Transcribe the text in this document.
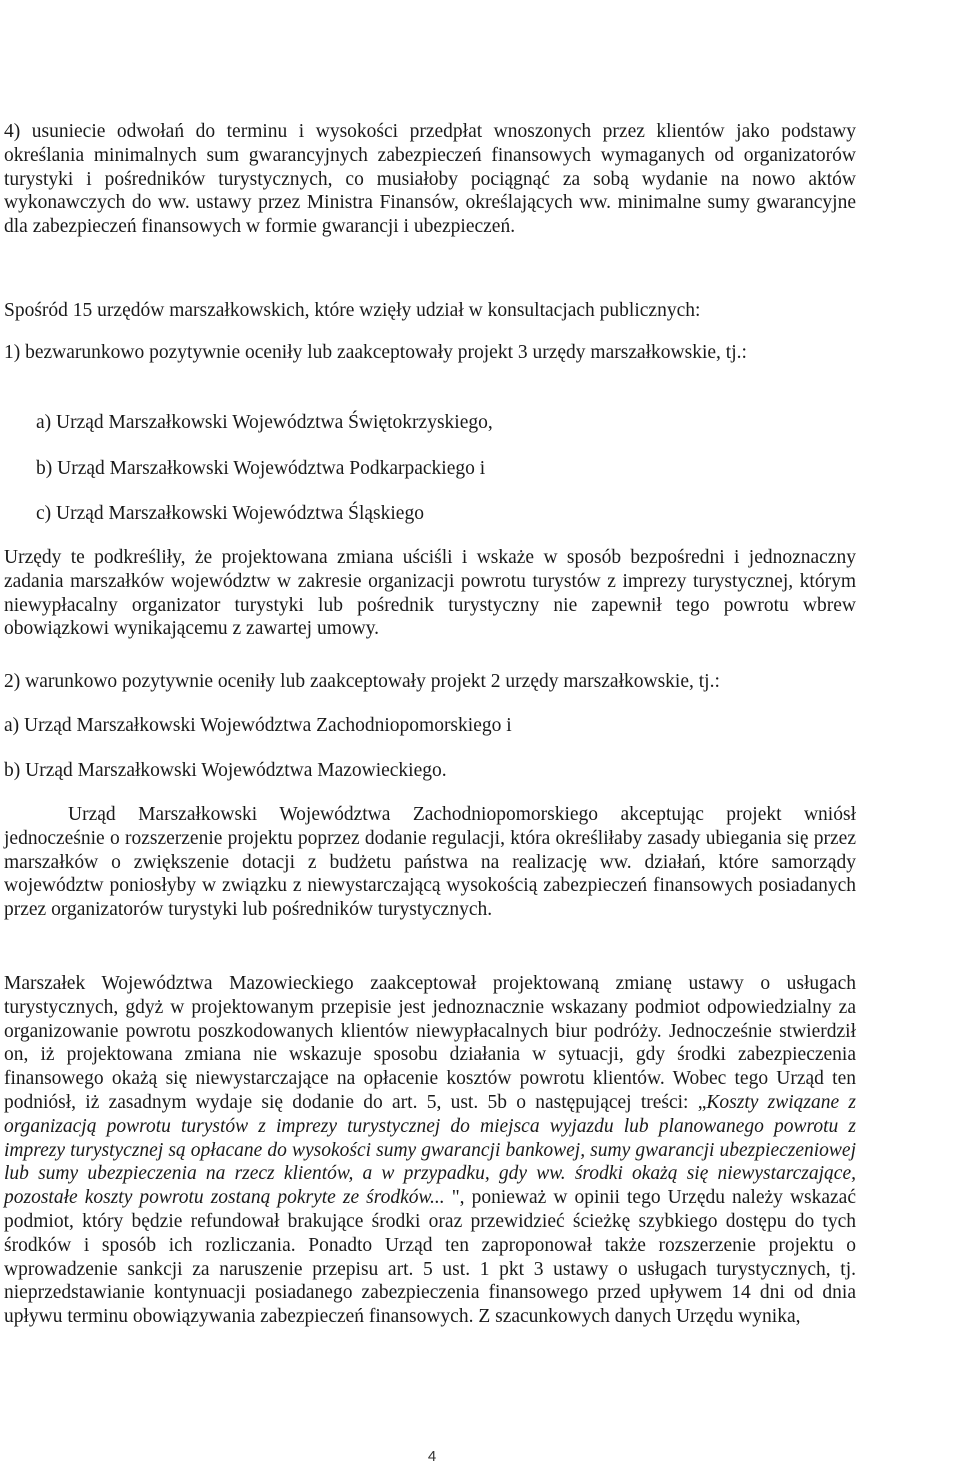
4) usuniecie odwołań do terminu i wysokości przedpłat wnoszonych przez klientów jako podstawy określania minimalnych sum gwarancyjnych zabezpieczeń finansowych wymaganych od organizatorów turystyki i pośredników turystycznych, co musiałoby pociągnąć za sobą wydanie na nowo aktów wykonawczych do ww. ustawy przez Ministra Finansów, określających ww. minimalne sumy gwarancyjne dla zabezpieczeń finansowych w formie gwarancji i ubezpieczeń.

Spośród 15 urzędów marszałkowskich, które wzięły udział w konsultacjach publicznych:

1) bezwarunkowo pozytywnie oceniły lub zaakceptowały projekt 3 urzędy marszałkowskie, tj.:

a) Urząd Marszałkowski Województwa Świętokrzyskiego,

b) Urząd Marszałkowski Województwa Podkarpackiego i

c) Urząd Marszałkowski Województwa Śląskiego

Urzędy te podkreśliły, że projektowana zmiana uściśli i wskaże w sposób bezpośredni i jednoznaczny zadania marszałków województw w zakresie organizacji powrotu turystów z imprezy turystycznej, którym niewypłacalny organizator turystyki lub pośrednik turystyczny nie zapewnił tego powrotu wbrew obowiązkowi wynikającemu z zawartej umowy.

2) warunkowo pozytywnie oceniły lub zaakceptowały projekt 2 urzędy marszałkowskie, tj.:

a) Urząd Marszałkowski Województwa Zachodniopomorskiego i

b) Urząd Marszałkowski Województwa Mazowieckiego.

Urząd Marszałkowski Województwa Zachodniopomorskiego akceptując projekt wniósł jednocześnie o rozszerzenie projektu poprzez dodanie regulacji, która określiłaby zasady ubiegania się przez marszałków o zwiększenie dotacji z budżetu państwa na realizację ww. działań, które samorządy województw poniosłyby w związku z niewystarczającą wysokością zabezpieczeń finansowych posiadanych przez organizatorów turystyki lub pośredników turystycznych.

Marszałek Województwa Mazowieckiego zaakceptował projektowaną zmianę ustawy o usługach turystycznych, gdyż w projektowanym przepisie jest jednoznacznie wskazany podmiot odpowiedzialny za organizowanie powrotu poszkodowanych klientów niewypłacalnych biur podróży. Jednocześnie stwierdził on, iż projektowana zmiana nie wskazuje sposobu działania w sytuacji, gdy środki zabezpieczenia finansowego okażą się niewystarczające na opłacenie kosztów powrotu klientów. Wobec tego Urząd ten podniósł, iż zasadnym wydaje się dodanie do art. 5, ust. 5b o następującej treści: „Koszty związane z organizacją powrotu turystów z imprezy turystycznej do miejsca wyjazdu lub planowanego powrotu z imprezy turystycznej są opłacane do wysokości sumy gwarancji bankowej, sumy gwarancji ubezpieczeniowej lub sumy ubezpieczenia na rzecz klientów, a w przypadku, gdy ww. środki okażą się niewystarczające, pozostałe koszty powrotu zostaną pokryte ze środków... ", ponieważ w opinii tego Urzędu należy wskazać podmiot, który będzie refundował brakujące środki oraz przewidzieć ścieżkę szybkiego dostępu do tych środków i sposób ich rozliczania. Ponadto Urząd ten zaproponował także rozszerzenie projektu o wprowadzenie sankcji za naruszenie przepisu art. 5 ust. 1 pkt 3 ustawy o usługach turystycznych, tj. nieprzedstawianie kontynuacji posiadanego zabezpieczenia finansowego przed upływem 14 dni od dnia upływu terminu obowiązywania zabezpieczeń finansowych. Z szacunkowych danych Urzędu wynika,

4
